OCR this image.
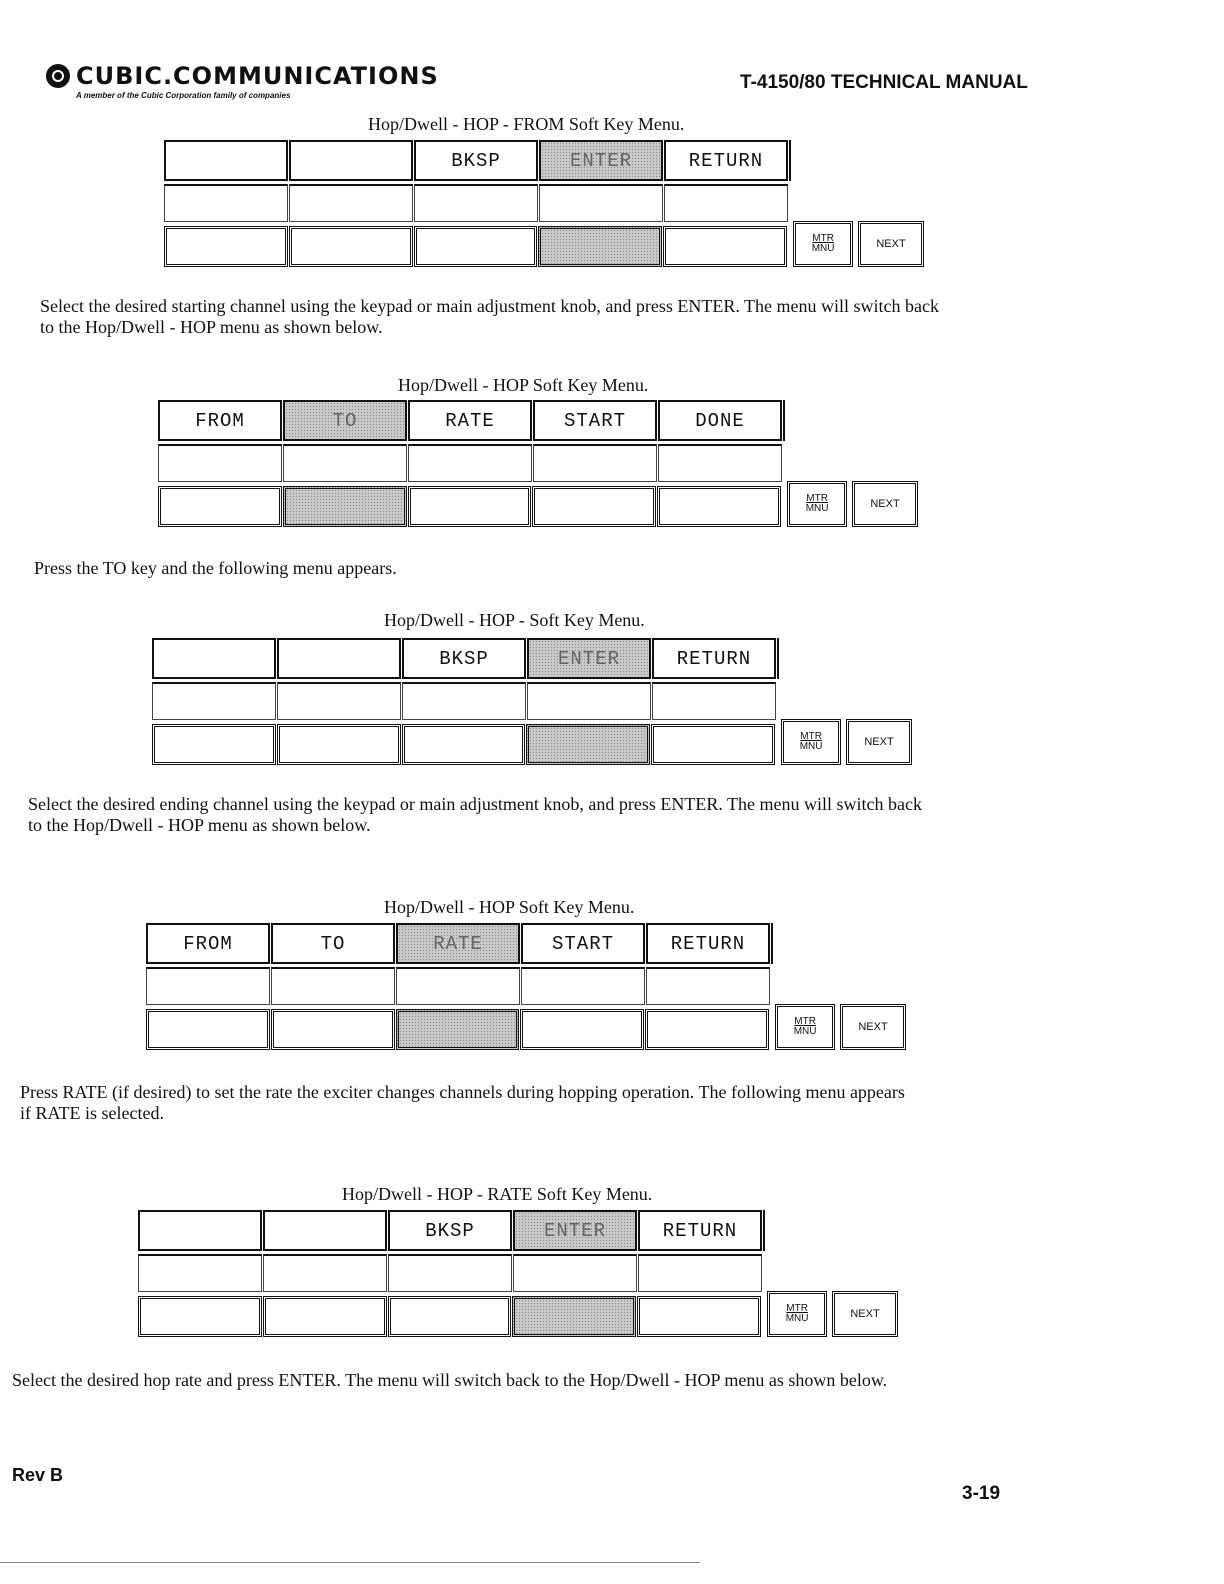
CUBIC.COMMUNICATIONS
A member of the Cubic Corporation family of companies
T-4150/80 TECHNICAL MANUAL
Hop/Dwell - HOP - FROM Soft Key Menu.
BKSP	ENTER	RETURN
MTR
MNU	NEXT
Select the desired starting channel using the keypad or main adjustment knob, and press ENTER. The menu will switch back
to the Hop/Dwell - HOP menu as shown below.
Hop/Dwell - HOP Soft Key Menu.
FROM	TO	RATE	START	DONE
MTR
MNU	NEXT
Press the TO key and the following menu appears.
Hop/Dwell - HOP - Soft Key Menu.
BKSP	ENTER	RETURN
MTR
MNU	NEXT
Select the desired ending channel using the keypad or main adjustment knob, and press ENTER. The menu will switch back
to the Hop/Dwell - HOP menu as shown below.
Hop/Dwell - HOP Soft Key Menu.
FROM	TO	RATE	START	RETURN
MTR
MNU	NEXT
Press RATE (if desired) to set the rate the exciter changes channels during hopping operation. The following menu appears
if RATE is selected.
Hop/Dwell - HOP - RATE Soft Key Menu.
BKSP	ENTER	RETURN
MTR
MNU	NEXT
Select the desired hop rate and press ENTER. The menu will switch back to the Hop/Dwell - HOP menu as shown below.
Rev B
3-19
